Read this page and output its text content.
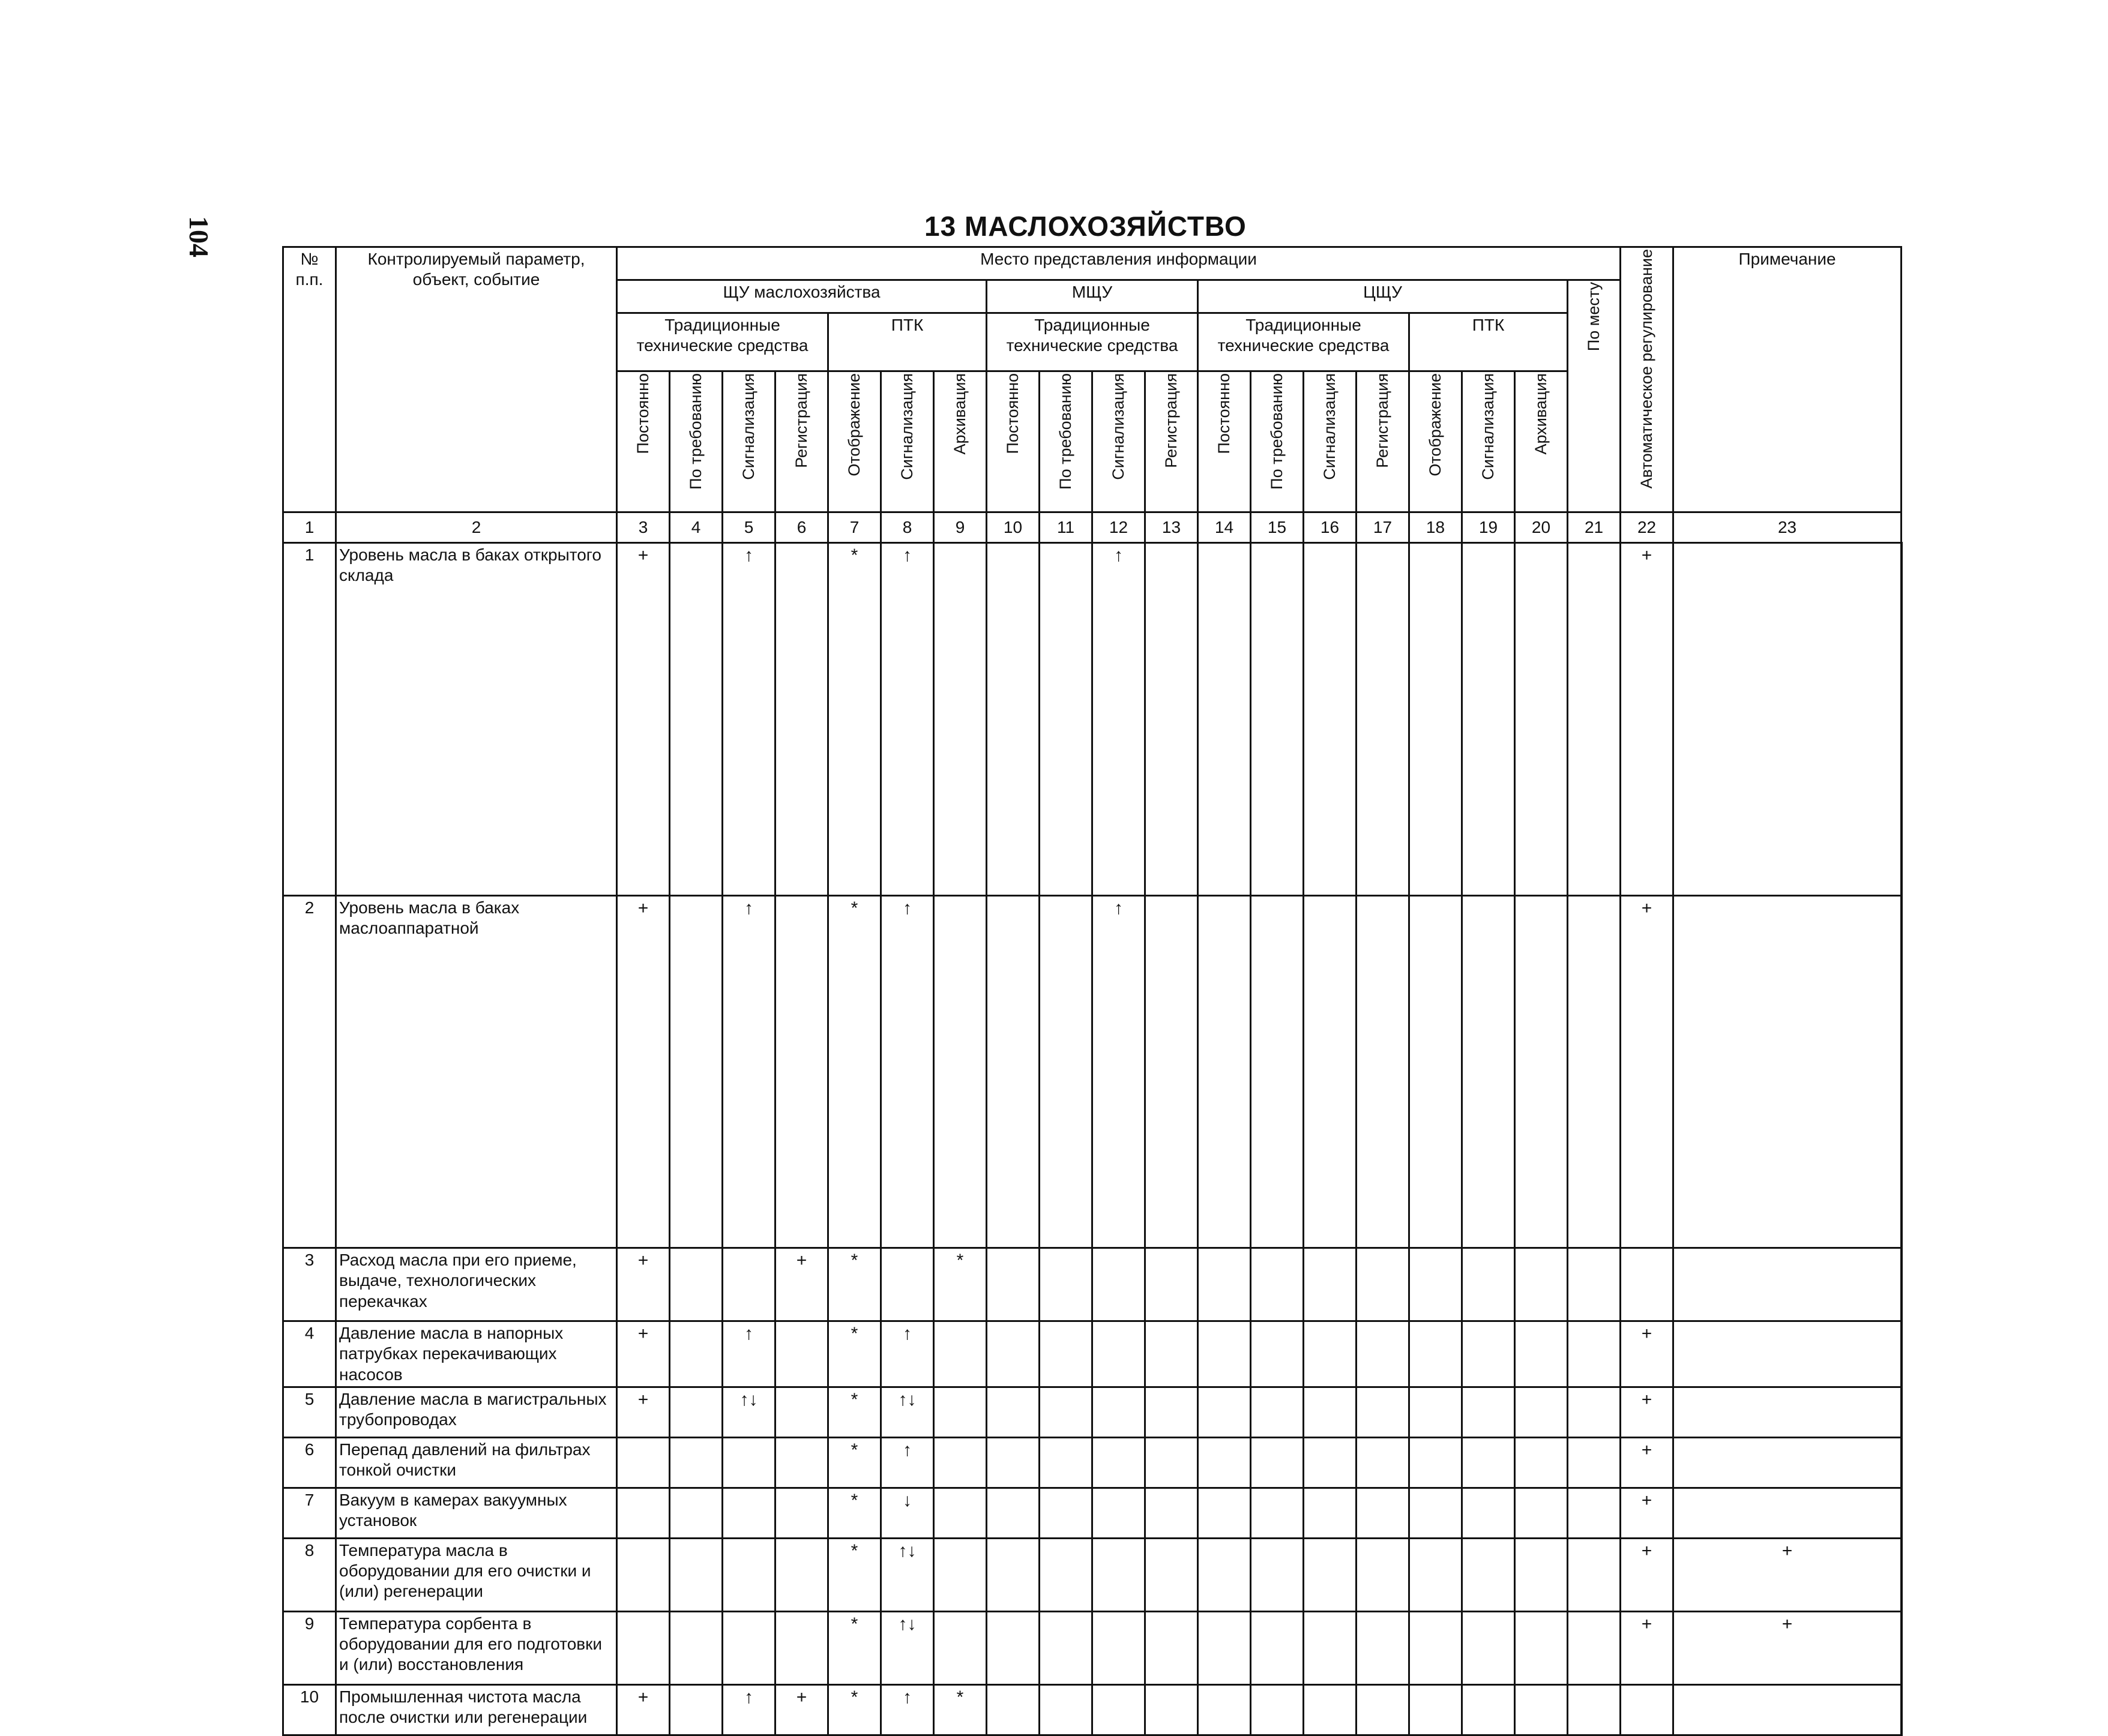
104	13 МАСЛОХОЗЯЙСТВО
№ п.п.	Контролируемый параметр, объект, событие	Место представления информации																			Автоматическое регулирование	Примечание	
		ЩУ маслохозяйства							МЩУ				ЦЩУ							По месту			
		Традиционные технические средства				ПТК			Традиционные технические средства				Традиционные технические средства				ПТК						
		Постоянно	По требованию	Сигнализация	Регистрация	Отображение	Сигнализация	Архивация	Постоянно	По требованию	Сигнализация	Регистрация	Постоянно	По требованию	Сигнализация	Регистрация	Отображение	Сигнализация	Архивация				
1	2	3	4	5	6	7	8	9	10	11	12	13	14	15	16	17	18	19	20	21	22	23	
1	Уровень масла в баках открытого склада	+		↑		*	↑				↑										+		
2	Уровень масла в баках маслоаппаратной	+		↑		*	↑				↑										+		
3	Расход масла при его приеме, выдаче, технологических перекачках	+			+	*		*															
4	Давление масла в напорных патрубках перекачивающих насосов	+		↑		*	↑														+		
5	Давление масла в магистральных трубопроводах	+		↑↓		*	↑↓														+		
6	Перепад давлений на фильтрах тонкой очистки					*	↑														+		
7	Вакуум в камерах вакуумных установок					*	↓														+		
8	Температура масла в оборудовании для его очистки и (или) регенерации					*	↑↓														+	+	
9	Температура сорбента в оборудовании для его подготовки и (или) восстановления					*	↑↓														+	+	
10	Промышленная чистота масла после очистки или регенерации	+		↑	+	*	↑	*															
